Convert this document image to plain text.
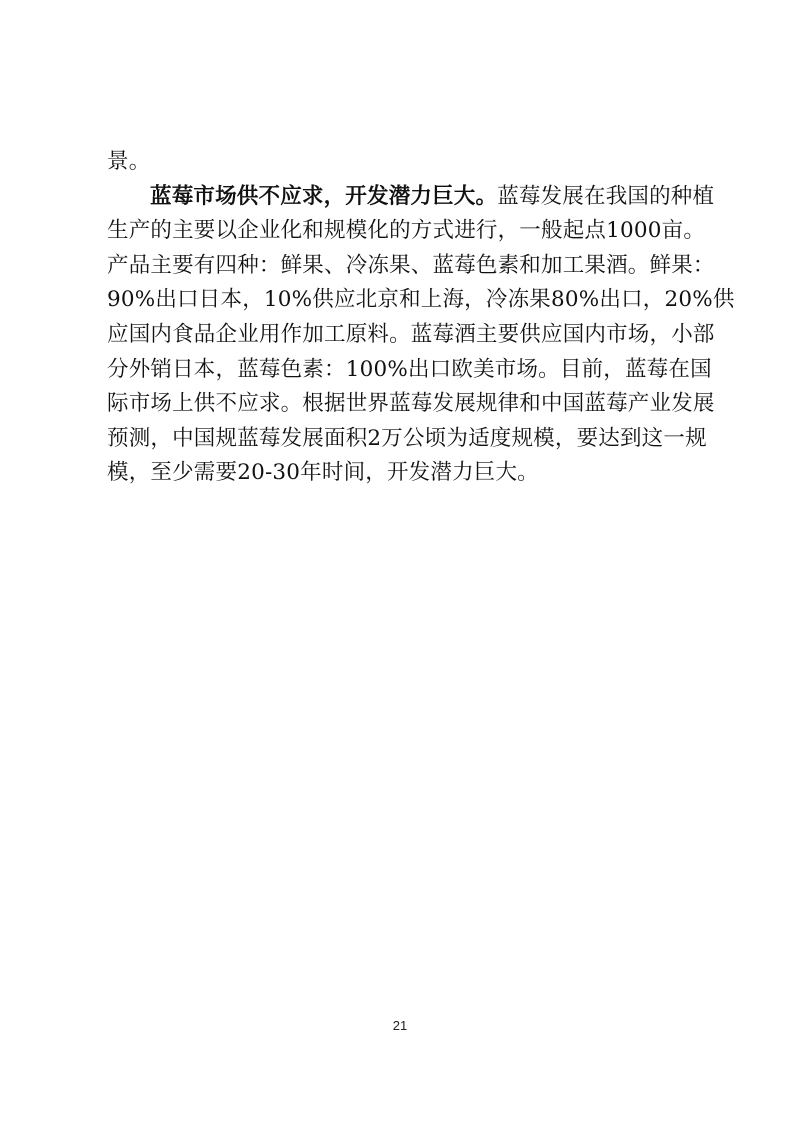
景。
蓝莓市场供不应求，开发潜力巨大。蓝莓发展在我国的种植
生产的主要以企业化和规模化的方式进行，一般起点1000亩。
产品主要有四种：鲜果、冷冻果、蓝莓色素和加工果酒。鲜果：
90%出口日本，10%供应北京和上海，冷冻果80%出口，20%供
应国内食品企业用作加工原料。蓝莓酒主要供应国内市场，小部
分外销日本，蓝莓色素：100%出口欧美市场。目前，蓝莓在国
际市场上供不应求。根据世界蓝莓发展规律和中国蓝莓产业发展
预测，中国规蓝莓发展面积2万公顷为适度规模，要达到这一规
模，至少需要20-30年时间，开发潜力巨大。
21
